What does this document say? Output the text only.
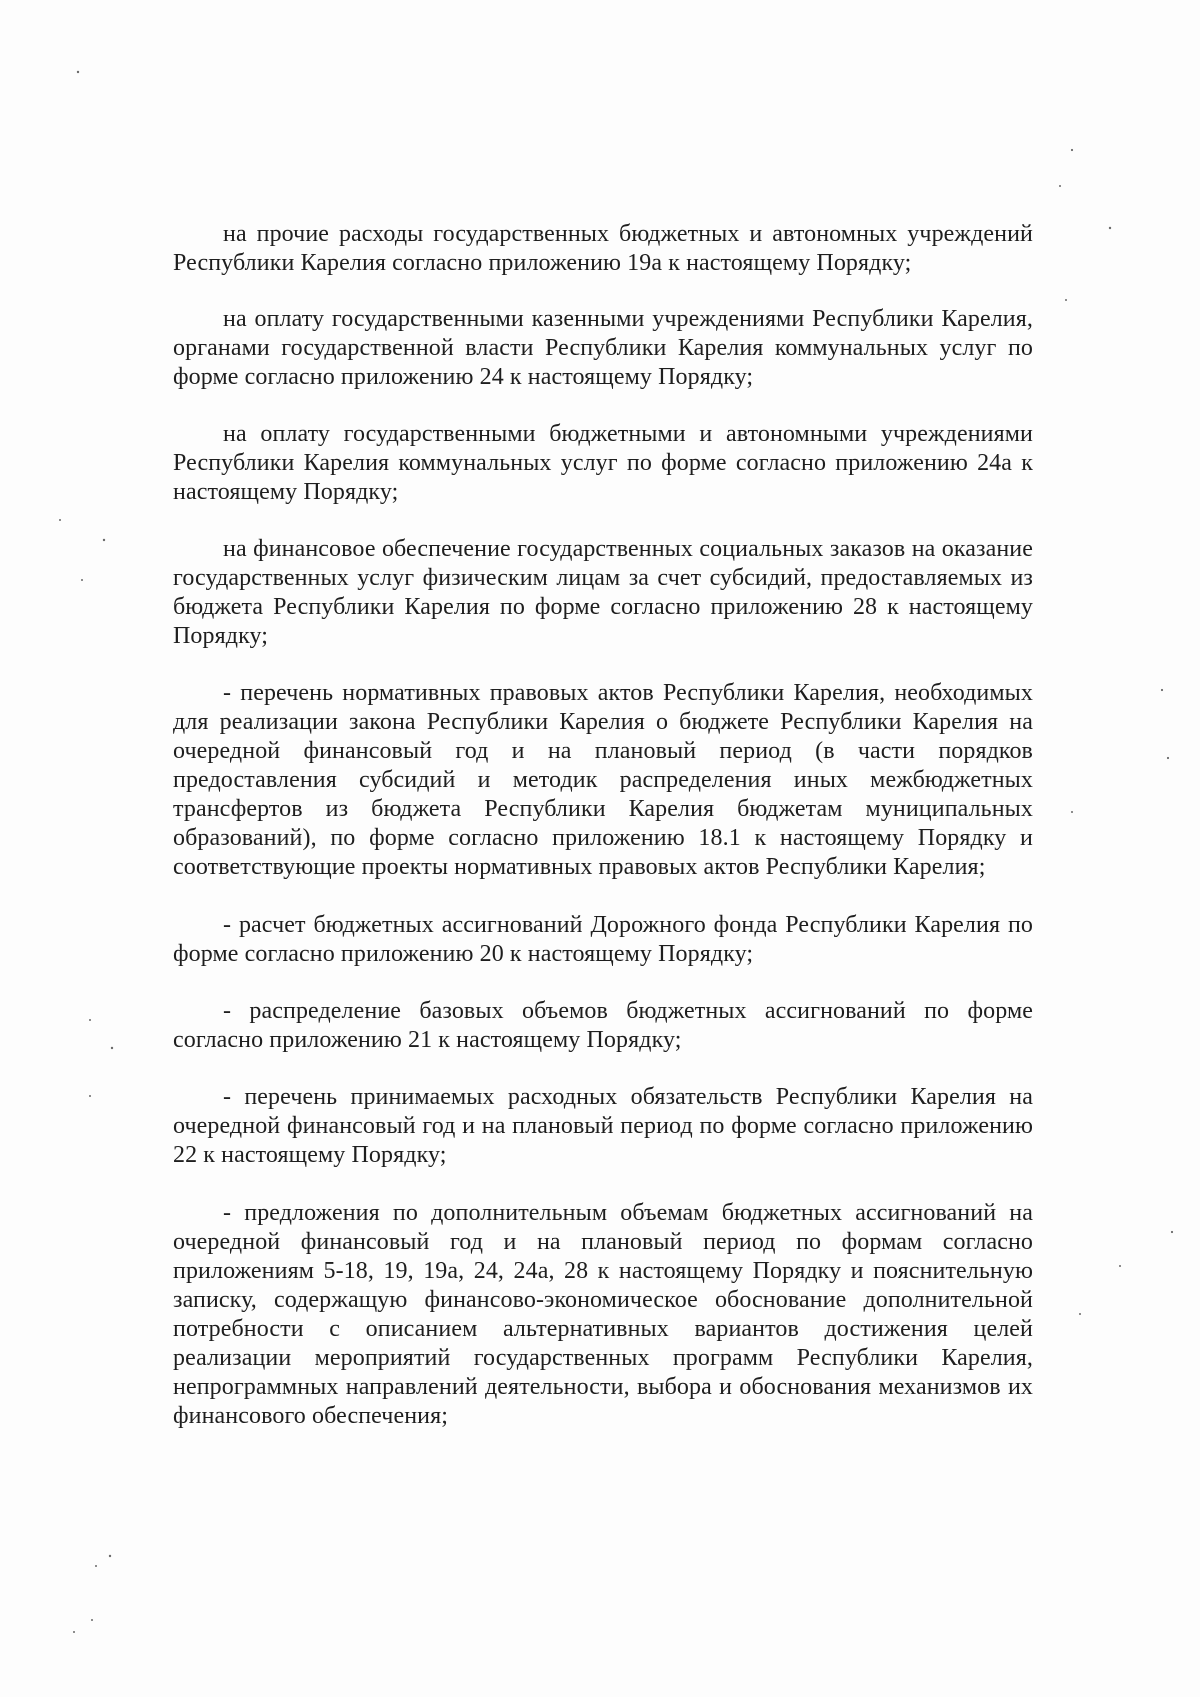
на прочие расходы государственных бюджетных и автономных учреждений Республики Карелия согласно приложению 19а к настоящему Порядку;

на оплату государственными казенными учреждениями Республики Карелия, органами государственной власти Республики Карелия коммунальных услуг по форме согласно приложению 24 к настоящему Порядку;

на оплату государственными бюджетными и автономными учреждениями Республики Карелия коммунальных услуг по форме согласно приложению 24а к настоящему Порядку;

на финансовое обеспечение государственных социальных заказов на оказание государственных услуг физическим лицам за счет субсидий, предоставляемых из бюджета Республики Карелия по форме согласно приложению 28 к настоящему Порядку;

- перечень нормативных правовых актов Республики Карелия, необходимых для реализации закона Республики Карелия о бюджете Республики Карелия на очередной финансовый год и на плановый период (в части порядков предоставления субсидий и методик распределения иных межбюджетных трансфертов из бюджета Республики Карелия бюджетам муниципальных образований), по форме согласно приложению 18.1 к настоящему Порядку и соответствующие проекты нормативных правовых актов Республики Карелия;

- расчет бюджетных ассигнований Дорожного фонда Республики Карелия по форме согласно приложению 20 к настоящему Порядку;

- распределение базовых объемов бюджетных ассигнований по форме согласно приложению 21 к настоящему Порядку;

- перечень принимаемых расходных обязательств Республики Карелия на очередной финансовый год и на плановый период по форме согласно приложению 22 к настоящему Порядку;

- предложения по дополнительным объемам бюджетных ассигнований на очередной финансовый год и на плановый период по формам согласно приложениям 5-18, 19, 19а, 24, 24а, 28 к настоящему Порядку и пояснительную записку, содержащую финансово-экономическое обоснование дополнительной потребности с описанием альтернативных вариантов достижения целей реализации мероприятий государственных программ Республики Карелия, непрограммных направлений деятельности, выбора и обоснования механизмов их финансового обеспечения;
